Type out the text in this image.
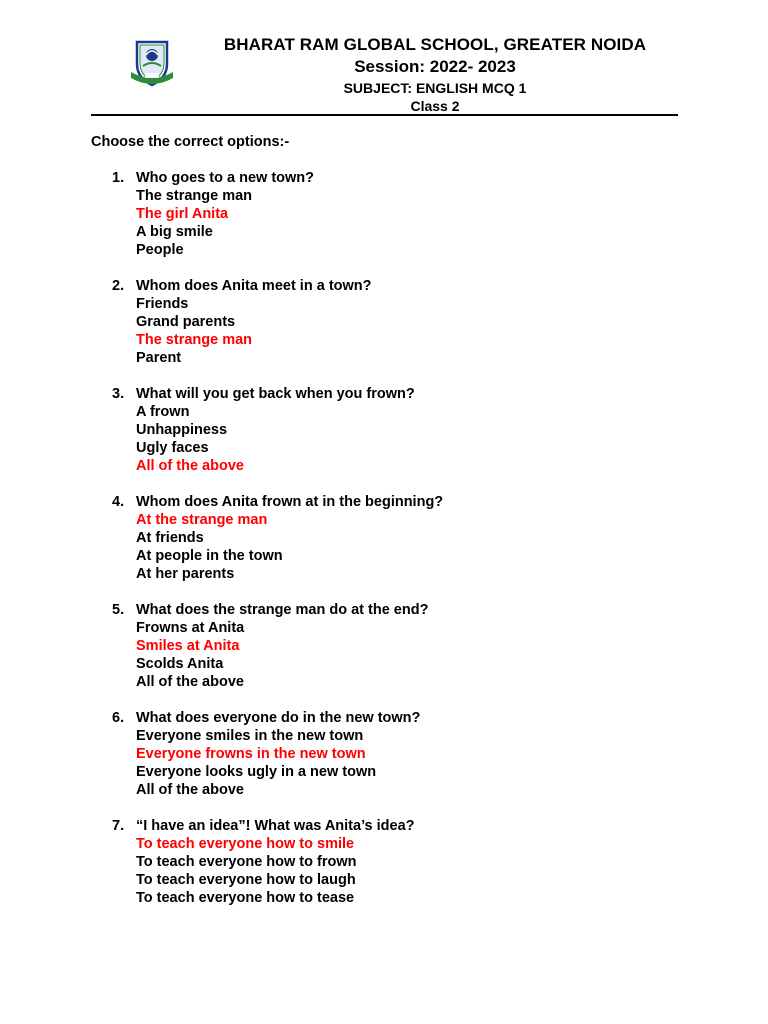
BHARAT RAM GLOBAL SCHOOL, GREATER NOIDA
Session: 2022- 2023
SUBJECT: ENGLISH MCQ 1
Class 2
Choose the correct options:-
1. Who goes to a new town?
The strange man
The girl Anita
A big smile
People
2. Whom does Anita meet in a town?
Friends
Grand parents
The strange man
Parent
3. What will you get back when you frown?
A frown
Unhappiness
Ugly faces
All of the above
4. Whom does Anita frown at in the beginning?
At the strange man
At friends
At people in the town
At her parents
5. What does the strange man do at the end?
Frowns at Anita
Smiles at Anita
Scolds Anita
All of the above
6. What does everyone do in the new town?
Everyone smiles in the new town
Everyone frowns in the new town
Everyone looks ugly in a new town
All of the above
7. “I have an idea”! What was Anita’s idea?
To teach everyone how to smile
To teach everyone how to frown
To teach everyone how to laugh
To teach everyone how to tease
